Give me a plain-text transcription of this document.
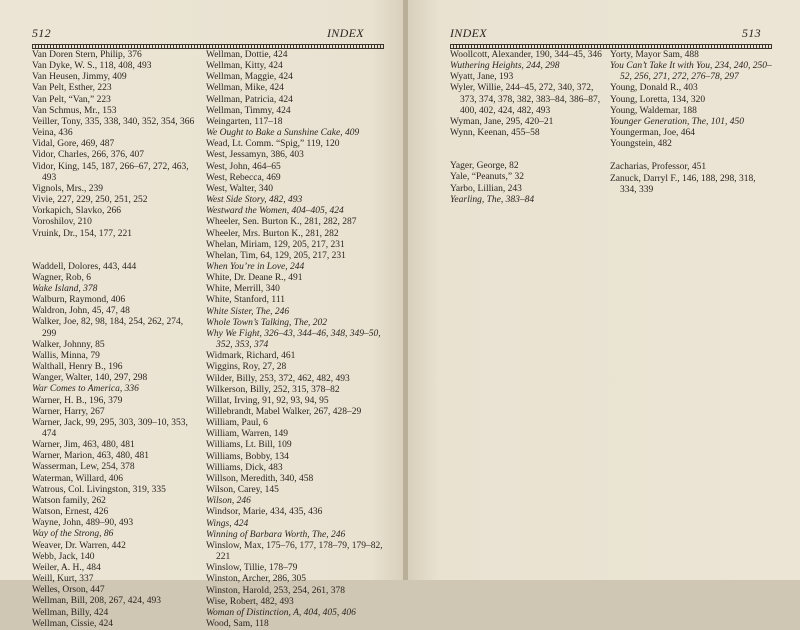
512	INDEX
Van Doren Stern, Philip, 376
Van Dyke, W. S., 118, 408, 493
Van Heusen, Jimmy, 409
Van Pelt, Esther, 223
Van Pelt, “Van,” 223
Van Schmus, Mr., 153
Veiller, Tony, 335, 338, 340, 352, 354, 366
Veina, 436
Vidal, Gore, 469, 487
Vidor, Charles, 266, 376, 407
Vidor, King, 145, 187, 266–67, 272, 463, 493
Vignols, Mrs., 239
Vivie, 227, 229, 250, 251, 252
Vorkapich, Slavko, 266
Voroshilov, 210
Vruink, Dr., 154, 177, 221
Waddell, Dolores, 443, 444
Wagner, Rob, 6
Wake Island, 378
Walburn, Raymond, 406
Waldron, John, 45, 47, 48
Walker, Joe, 82, 98, 184, 254, 262, 274, 299
Walker, Johnny, 85
Wallis, Minna, 79
Walthall, Henry B., 196
Wanger, Walter, 140, 297, 298
War Comes to America, 336
Warner, H. B., 196, 379
Warner, Harry, 267
Warner, Jack, 99, 295, 303, 309–10, 353, 474
Warner, Jim, 463, 480, 481
Warner, Marion, 463, 480, 481
Wasserman, Lew, 254, 378
Waterman, Willard, 406
Watrous, Col. Livingston, 319, 335
Watson family, 262
Watson, Ernest, 426
Wayne, John, 489–90, 493
Way of the Strong, 86
Weaver, Dr. Warren, 442
Webb, Jack, 140
Weiler, A. H., 484
Weill, Kurt, 337
Welles, Orson, 447
Wellman, Bill, 208, 267, 424, 493
Wellman, Billy, 424
Wellman, Cissie, 424
Wellman, Dottie, 424
Wellman, Kitty, 424
Wellman, Maggie, 424
Wellman, Mike, 424
Wellman, Patricia, 424
Wellman, Timmy, 424
Weingarten, 117–18
We Ought to Bake a Sunshine Cake, 409
Wead, Lt. Comm. “Spig,” 119, 120
West, Jessamyn, 386, 403
West, John, 464–65
West, Rebecca, 469
West, Walter, 340
West Side Story, 482, 493
Westward the Women, 404–405, 424
Wheeler, Sen. Burton K., 281, 282, 287
Wheeler, Mrs. Burton K., 281, 282
Whelan, Miriam, 129, 205, 217, 231
Whelan, Tim, 64, 129, 205, 217, 231
When You’re in Love, 244
White, Dr. Deane R., 491
White, Merrill, 340
White, Stanford, 111
White Sister, The, 246
Whole Town’s Talking, The, 202
Why We Fight, 326–43, 344–46, 348, 349–50, 352, 353, 374
Widmark, Richard, 461
Wiggins, Roy, 27, 28
Wilder, Billy, 253, 372, 462, 482, 493
Wilkerson, Billy, 252, 315, 378–82
Willat, Irving, 91, 92, 93, 94, 95
Willebrandt, Mabel Walker, 267, 428–29
William, Paul, 6
William, Warren, 149
Williams, Lt. Bill, 109
Williams, Bobby, 134
Williams, Dick, 483
Willson, Meredith, 340, 458
Wilson, Carey, 145
Wilson, 246
Windsor, Marie, 434, 435, 436
Wings, 424
Winning of Barbara Worth, The, 246
Winslow, Max, 175–76, 177, 178–79, 179–82, 221
Winslow, Tillie, 178–79
Winston, Archer, 286, 305
Winston, Harold, 253, 254, 261, 378
Wise, Robert, 482, 493
Woman of Distinction, A, 404, 405, 406
Wood, Sam, 118
INDEX	513
Woollcott, Alexander, 190, 344–45, 346
Wuthering Heights, 244, 298
Wyatt, Jane, 193
Wyler, Willie, 244–45, 272, 340, 372, 373, 374, 378, 382, 383–84, 386–87, 400, 402, 424, 482, 493
Wyman, Jane, 295, 420–21
Wynn, Keenan, 455–58
Yager, George, 82
Yale, “Peanuts,” 32
Yarbo, Lillian, 243
Yearling, The, 383–84
Yorty, Mayor Sam, 488
You Can’t Take It with You, 234, 240, 250–52, 256, 271, 272, 276–78, 297
Young, Donald R., 403
Young, Loretta, 134, 320
Young, Waldemar, 188
Younger Generation, The, 101, 450
Youngerman, Joe, 464
Youngstein, 482
Zacharias, Professor, 451
Zanuck, Darryl F., 146, 188, 298, 318, 334, 339
